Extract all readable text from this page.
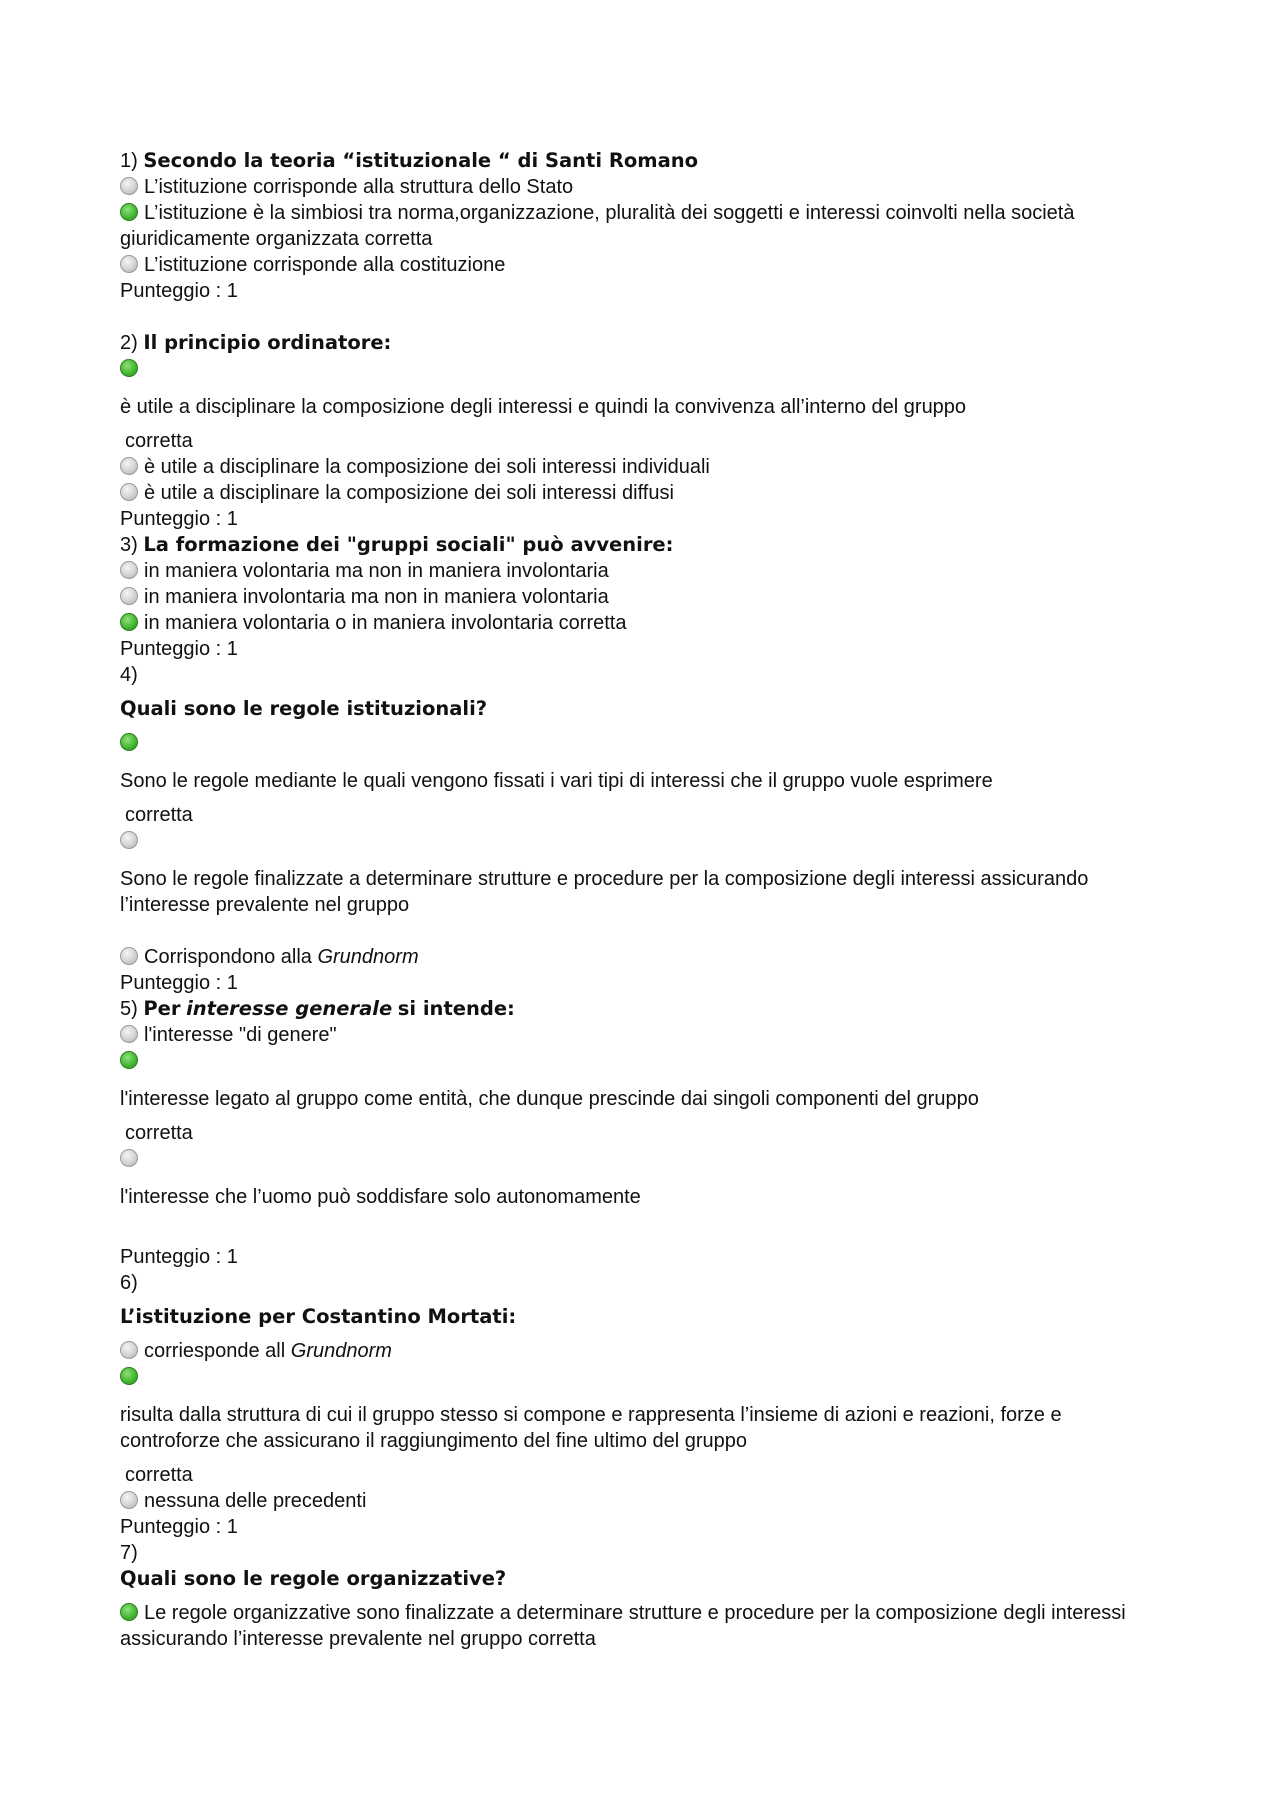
1) Secondo la teoria “istituzionale “ di Santi Romano
L’istituzione corrisponde alla struttura dello Stato
L’istituzione è la simbiosi tra norma,organizzazione, pluralità dei soggetti e interessi coinvolti nella società giuridicamente organizzata corretta
L’istituzione corrisponde alla costituzione
Punteggio : 1
2) Il principio ordinatore:
è utile a disciplinare la composizione degli interessi e quindi la convivenza all’interno del gruppo
corretta
è utile a disciplinare la composizione dei soli interessi individuali
è utile a disciplinare la composizione dei soli interessi diffusi
Punteggio : 1
3) La formazione dei "gruppi sociali" può avvenire:
in maniera volontaria ma non in maniera involontaria
in maniera involontaria ma non in maniera volontaria
in maniera volontaria o in maniera involontaria corretta
Punteggio : 1
4)
Quali sono le regole istituzionali?
Sono le regole mediante le quali vengono fissati i vari tipi di interessi che il gruppo vuole esprimere
corretta
Sono le regole finalizzate a determinare strutture e procedure per la composizione degli interessi assicurando l’interesse prevalente nel gruppo
Corrispondono alla Grundnorm
Punteggio : 1
5) Per interesse generale si intende:
l'interesse "di genere"
l'interesse legato al gruppo come entità, che dunque prescinde dai singoli componenti del gruppo
corretta
l'interesse che l’uomo può soddisfare solo autonomamente
Punteggio : 1
6)
L’istituzione per Costantino Mortati:
corriesponde all Grundnorm
risulta dalla struttura di cui il gruppo stesso si compone e rappresenta l’insieme di azioni e reazioni, forze e controforze che assicurano il raggiungimento del fine ultimo del gruppo
corretta
nessuna delle precedenti
Punteggio : 1
7)
Quali sono le regole organizzative?
Le regole organizzative sono finalizzate a determinare strutture e procedure per la composizione degli interessi assicurando l’interesse prevalente nel gruppo corretta
